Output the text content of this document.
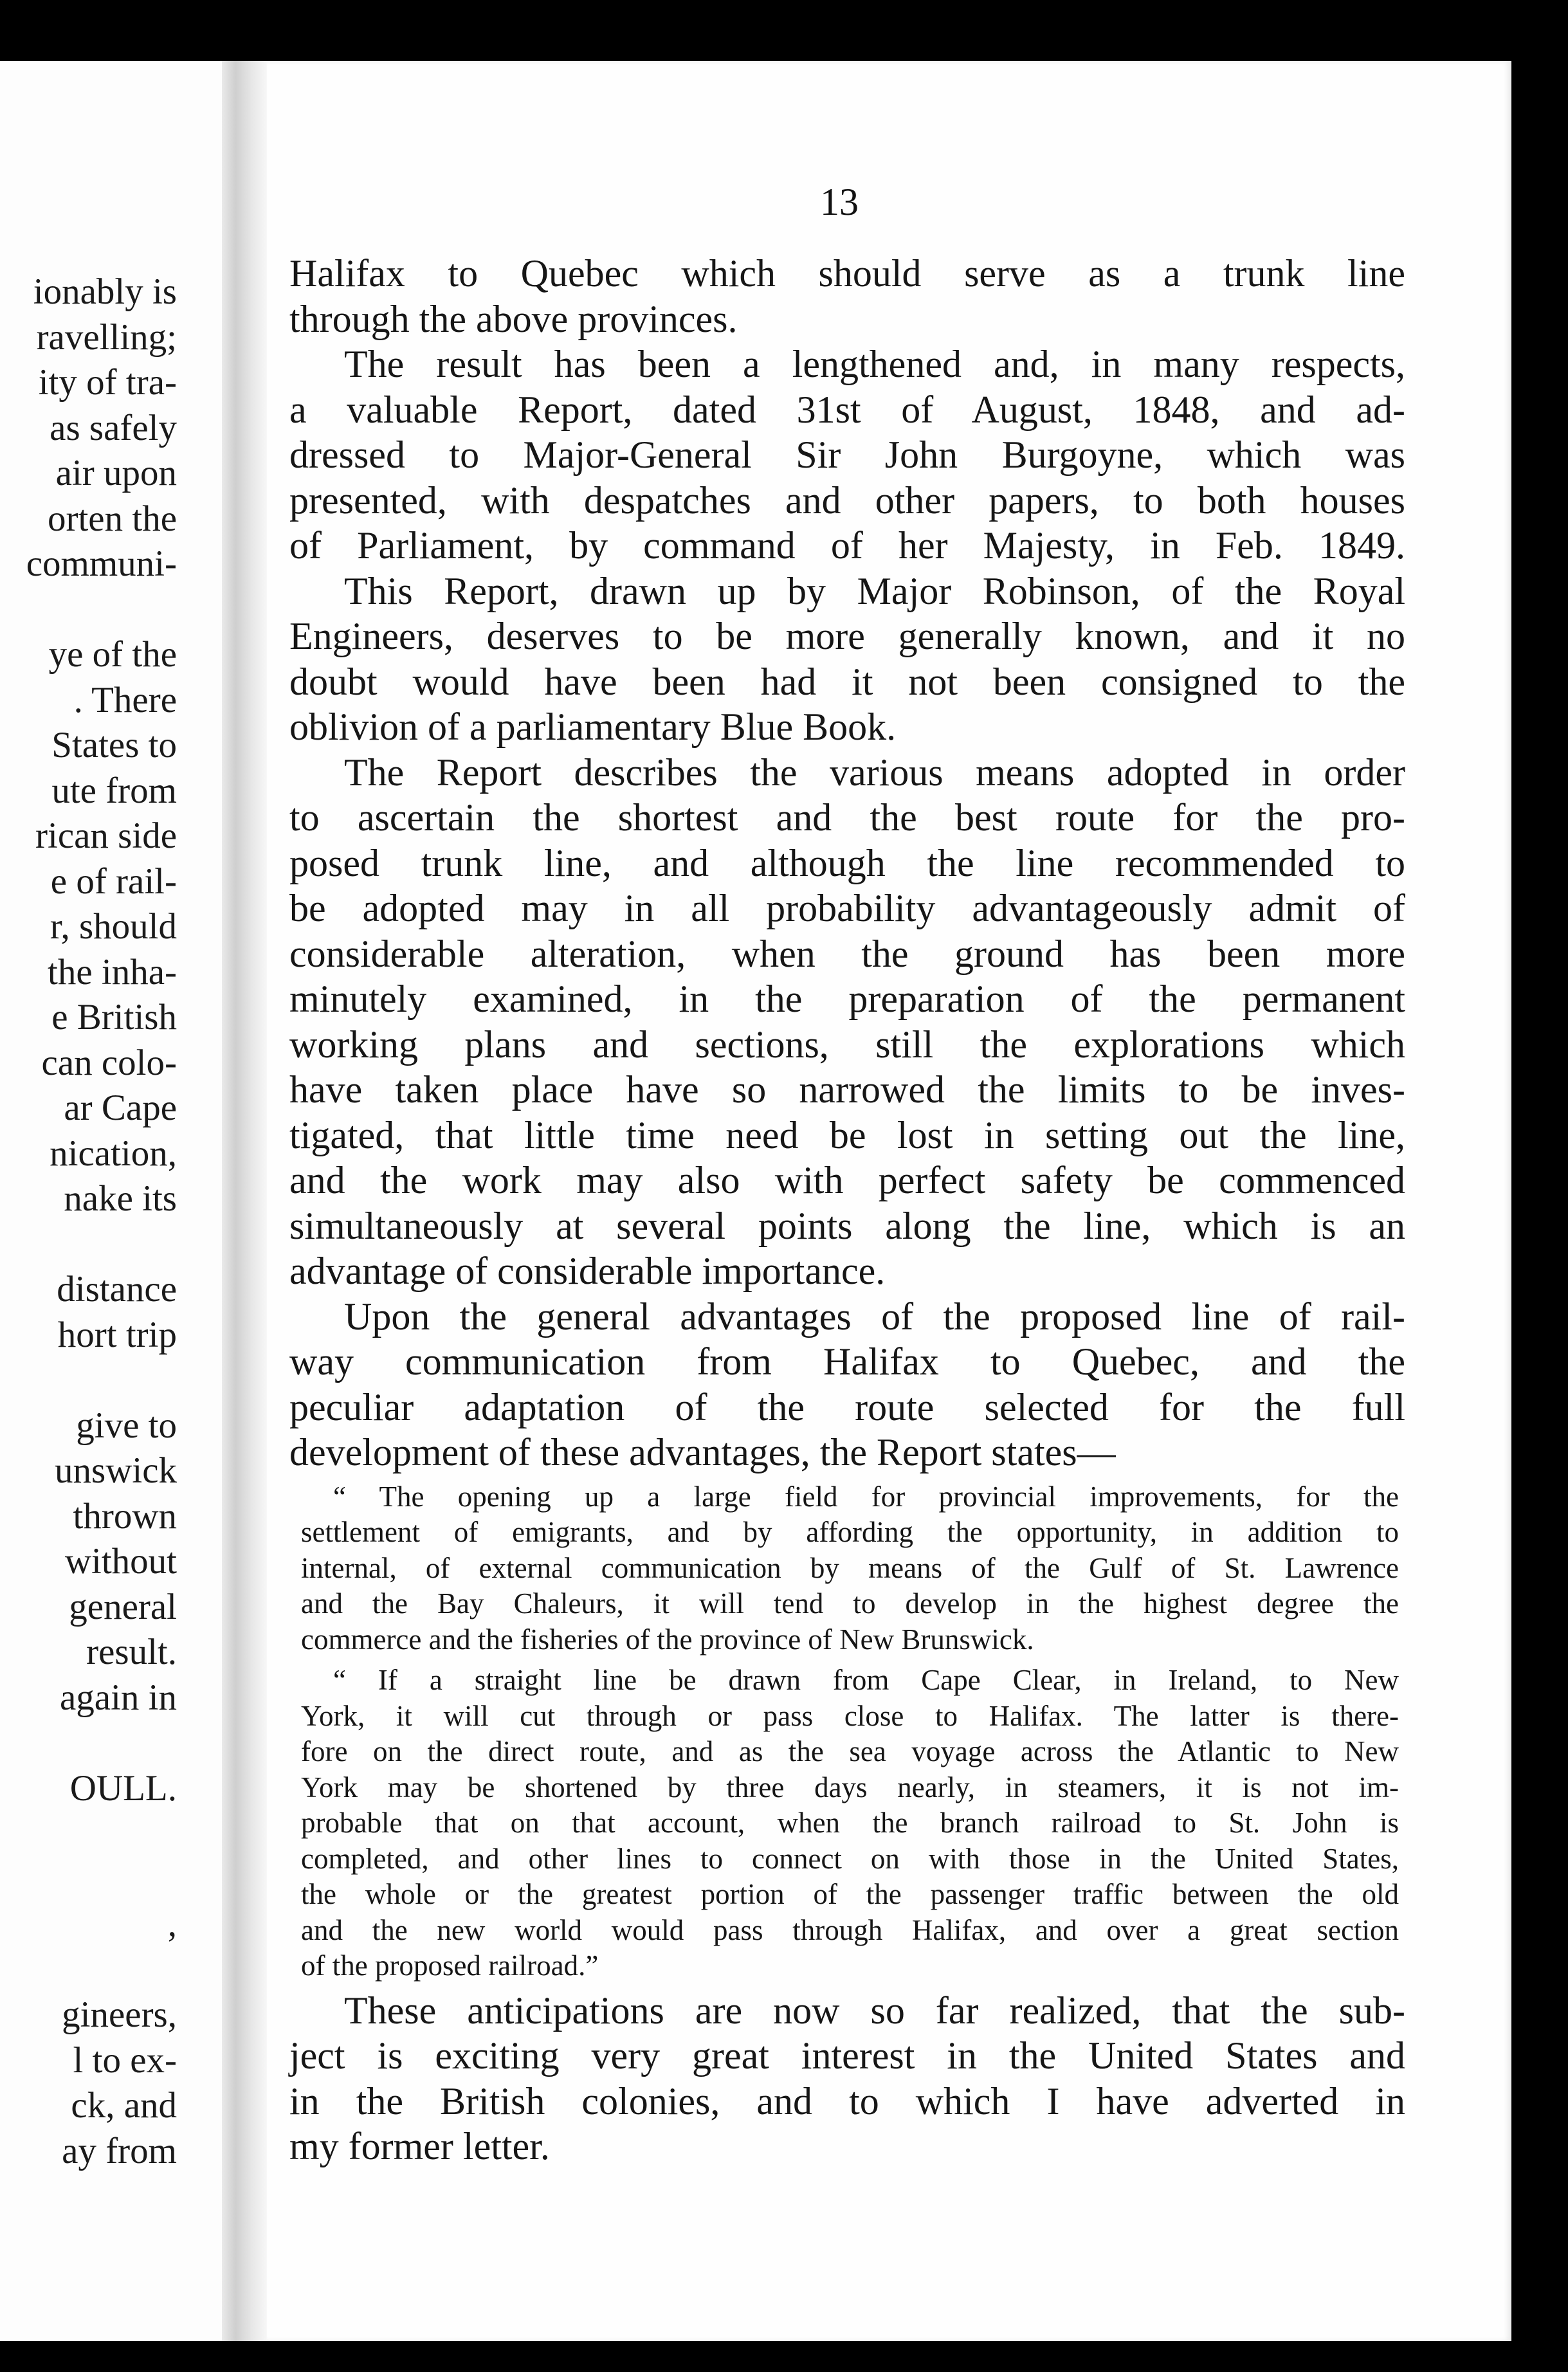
ionably is
ravelling;
ity of tra-
as safely
air upon
orten the
communi-
ye of the
. There
States to
ute from
rican side
e of rail-
r, should
the inha-
e British
can colo-
ar Cape
nication,
nake its
distance
hort trip
give to
unswick
thrown
without
general
result.
again in
OULL.
,
gineers,
l to ex-
ck, and
ay from
13

Halifax to Quebec which should serve as a trunk line
through the above provinces.

The result has been a lengthened and, in many respects,
a valuable Report, dated 31st of August, 1848, and ad-
dressed to Major-General Sir John Burgoyne, which was
presented, with despatches and other papers, to both houses
of Parliament, by command of her Majesty, in Feb. 1849.

This Report, drawn up by Major Robinson, of the Royal
Engineers, deserves to be more generally known, and it no
doubt would have been had it not been consigned to the
oblivion of a parliamentary Blue Book.

The Report describes the various means adopted in order
to ascertain the shortest and the best route for the pro-
posed trunk line, and although the line recommended to
be adopted may in all probability advantageously admit of
considerable alteration, when the ground has been more
minutely examined, in the preparation of the permanent
working plans and sections, still the explorations which
have taken place have so narrowed the limits to be inves-
tigated, that little time need be lost in setting out the line,
and the work may also with perfect safety be commenced
simultaneously at several points along the line, which is an
advantage of considerable importance.

Upon the general advantages of the proposed line of rail-
way communication from Halifax to Quebec, and the
peculiar adaptation of the route selected for the full
development of these advantages, the Report states—

“ The opening up a large field for provincial improvements, for the
settlement of emigrants, and by affording the opportunity, in addition to
internal, of external communication by means of the Gulf of St. Lawrence
and the Bay Chaleurs, it will tend to develop in the highest degree the
commerce and the fisheries of the province of New Brunswick.

“ If a straight line be drawn from Cape Clear, in Ireland, to New
York, it will cut through or pass close to Halifax. The latter is there-
fore on the direct route, and as the sea voyage across the Atlantic to New
York may be shortened by three days nearly, in steamers, it is not im-
probable that on that account, when the branch railroad to St. John is
completed, and other lines to connect on with those in the United States,
the whole or the greatest portion of the passenger traffic between the old
and the new world would pass through Halifax, and over a great section
of the proposed railroad.”

These anticipations are now so far realized, that the sub-
ject is exciting very great interest in the United States and
in the British colonies, and to which I have adverted in
my former letter.
